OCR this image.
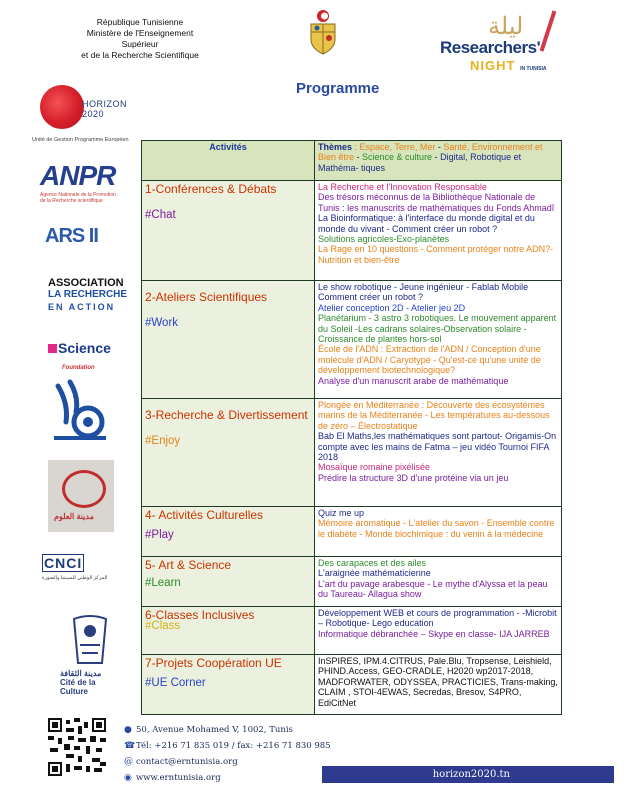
République Tunisienne
Ministère de l'Enseignement Supérieur
et de la Recherche Scientifique
ليلة
Researchers'
NIGHT IN TUNISIA
Programme
HORIZON 2020
Unité de Gestion Programme Européen
ANPR
Agence Nationale de la Promotion de la Recherche scientifique
ARS II
ASSOCIATION
LA RECHERCHE
EN ACTION
Science
Foundation
مدينة العلوم
CNCI
المركز الوطني للسينما والصورة
مدينة الثقافة
Cité de la Culture
Activités	Thèmes : Espace, Terre, Mer - Santé, Environnement et Bien être - Science & culture - Digital, Robotique et Mathéma- tiques

1-Conférences & Débats
#Chat	La Recherche et l'Innovation Responsable
Des trésors méconnus de la Bibliothèque Nationale de Tunis : les manuscrits de mathématiques du Fonds Ahmadî
La Bioinformatique: à l'interface du monde digital et du monde du vivant - Comment créer un robot ?
Solutions agricoles-Exo-planètes
La Rage en 10 questions - Comment protéger notre ADN?-Nutrition et bien-être

2-Ateliers Scientifiques
#Work	Le show robotique - Jeune ingénieur - Fablab Mobile Comment créer un robot ?
Atelier conception 2D - Atelier jeu 2D
Planétarium - 3 astro 3 robotiques. Le mouvement apparent du Soleil -Les cadrans solaires-Observation solaire - Croissance de plantes hors-sol
École de l'ADN : Extraction de l'ADN / Conception d'une molécule d'ADN / Caryotype - Qu'est-ce qu'une unité de développement biotechnologique?
Analyse d'un manuscrit arabe de mathématique

3-Recherche & Divertissement
#Enjoy	Plongée en Méditerranée : Découverte des écosystèmes marins de la Méditerranée - Les températures au-dessous de zéro – Électrostatique
Bab El Maths,les mathématiques sont partout- Origamis-On compte avec les mains de Fatma – jeu vidéo Tournoi FIFA 2018
Mosaïque romaine pixélisée
Prédire la structure 3D d'une protéine via un jeu

4- Activités Culturelles
#Play	Quiz me up
Mémoire aromatique - L'atelier du savon - Ensemble contre le diabète - Monde biochimique : du venin à la médecine

5- Art & Science
#Learn	Des carapaces et des ailes
L'araignée mathématicienne
L'art du pavage arabesque - Le mythe d'Alyssa et la peau du Taureau- Allagua show

6-Classes Inclusives
#Class	Développement WEB et cours de programmation - -Microbit – Robotique- Lego education
Informatique débranchée – Skype en classe- IJA JARREB

7-Projets Coopération UE
#UE Corner	InSPIRES, IPM.4.CITRUS, Pale.Blu, Tropsense, Leishield, PHIND.Access, GEO-CRADLE, H2020 wp2017-2018, MADFORWATER, ODYSSEA, PRACTICIES, Trans-making, CLAIM , STOI-4EWAS, Secredas, Bresov, S4PRO, EdiCitNet
● 50, Avenue Mohamed V, 1002, Tunis
☎Tél: +216 71 835 019 / fax: +216 71 830 985
@ contact@erntunisia.org
◉ www.erntunisia.org	horizon2020.tn
